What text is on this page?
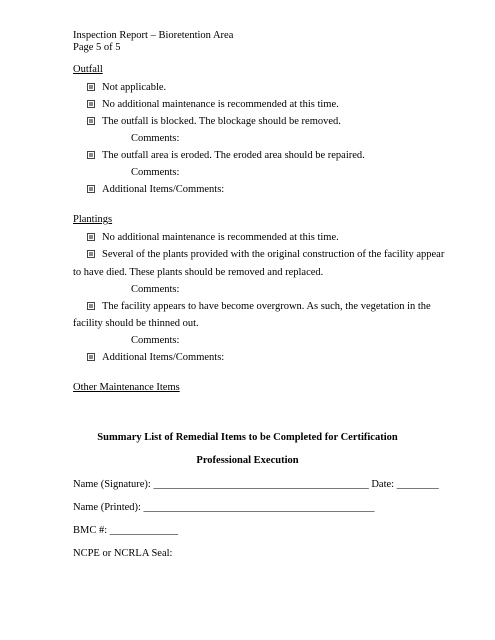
Inspection Report – Bioretention Area
Page 5 of 5
Outfall
Not applicable.
No additional maintenance is recommended at this time.
The outfall is blocked. The blockage should be removed.
Comments:
The outfall area is eroded. The eroded area should be repaired.
Comments:
Additional Items/Comments:
Plantings
No additional maintenance is recommended at this time.
Several of the plants provided with the original construction of the facility appear
to have died. These plants should be removed and replaced.
Comments:
The facility appears to have become overgrown. As such, the vegetation in the
facility should be thinned out.
Comments:
Additional Items/Comments:
Other Maintenance Items
Summary List of Remedial Items to be Completed for Certification
Professional Execution
Name (Signature): _________________________________________ Date: ________
Name (Printed): ____________________________________________
BMC #: _____________
NCPE or NCRLA Seal:
